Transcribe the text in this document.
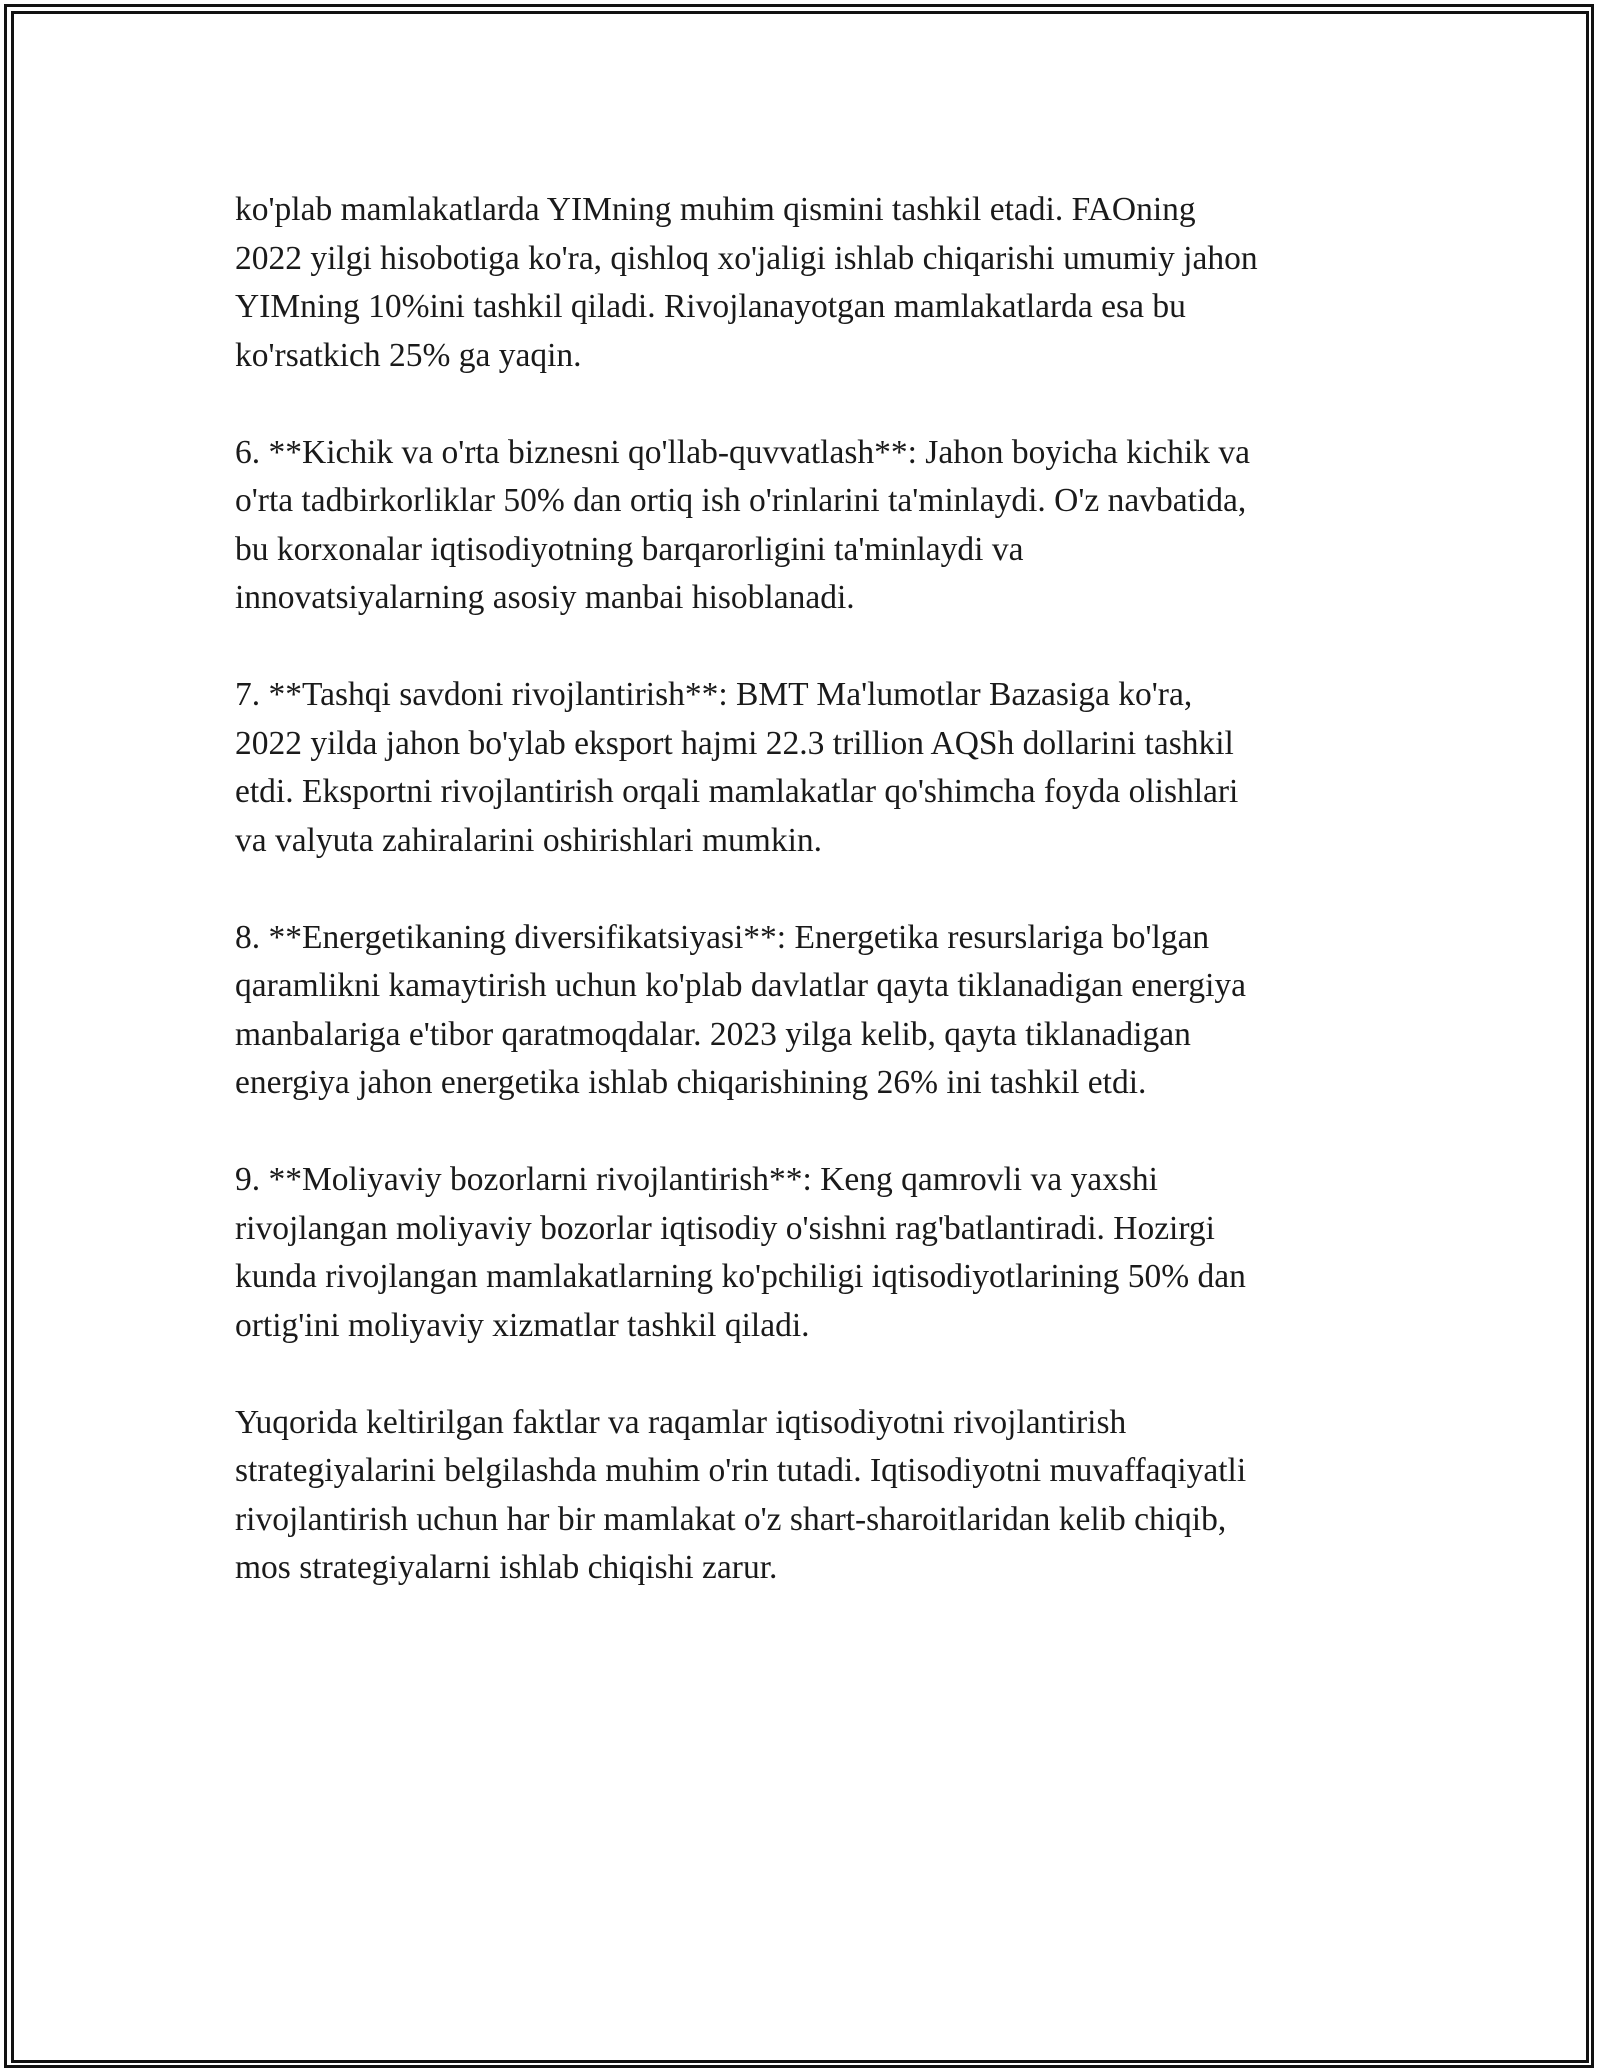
ko'plab mamlakatlarda YIMning muhim qismini tashkil etadi. FAOning
2022 yilgi hisobotiga ko'ra, qishloq xo'jaligi ishlab chiqarishi umumiy jahon
YIMning 10%ini tashkil qiladi. Rivojlanayotgan mamlakatlarda esa bu
ko'rsatkich 25% ga yaqin.

6. **Kichik va o'rta biznesni qo'llab-quvvatlash**: Jahon boyicha kichik va
o'rta tadbirkorliklar 50% dan ortiq ish o'rinlarini ta'minlaydi. O'z navbatida,
bu korxonalar iqtisodiyotning barqarorligini ta'minlaydi va
innovatsiyalarning asosiy manbai hisoblanadi.

7. **Tashqi savdoni rivojlantirish**: BMT Ma'lumotlar Bazasiga ko'ra,
2022 yilda jahon bo'ylab eksport hajmi 22.3 trillion AQSh dollarini tashkil
etdi. Eksportni rivojlantirish orqali mamlakatlar qo'shimcha foyda olishlari
va valyuta zahiralarini oshirishlari mumkin.

8. **Energetikaning diversifikatsiyasi**: Energetika resurslariga bo'lgan
qaramlikni kamaytirish uchun ko'plab davlatlar qayta tiklanadigan energiya
manbalariga e'tibor qaratmoqdalar. 2023 yilga kelib, qayta tiklanadigan
energiya jahon energetika ishlab chiqarishining 26% ini tashkil etdi.

9. **Moliyaviy bozorlarni rivojlantirish**: Keng qamrovli va yaxshi
rivojlangan moliyaviy bozorlar iqtisodiy o'sishni rag'batlantiradi. Hozirgi
kunda rivojlangan mamlakatlarning ko'pchiligi iqtisodiyotlarining 50% dan
ortig'ini moliyaviy xizmatlar tashkil qiladi.

Yuqorida keltirilgan faktlar va raqamlar iqtisodiyotni rivojlantirish
strategiyalarini belgilashda muhim o'rin tutadi. Iqtisodiyotni muvaffaqiyatli
rivojlantirish uchun har bir mamlakat o'z shart-sharoitlaridan kelib chiqib,
mos strategiyalarni ishlab chiqishi zarur.
